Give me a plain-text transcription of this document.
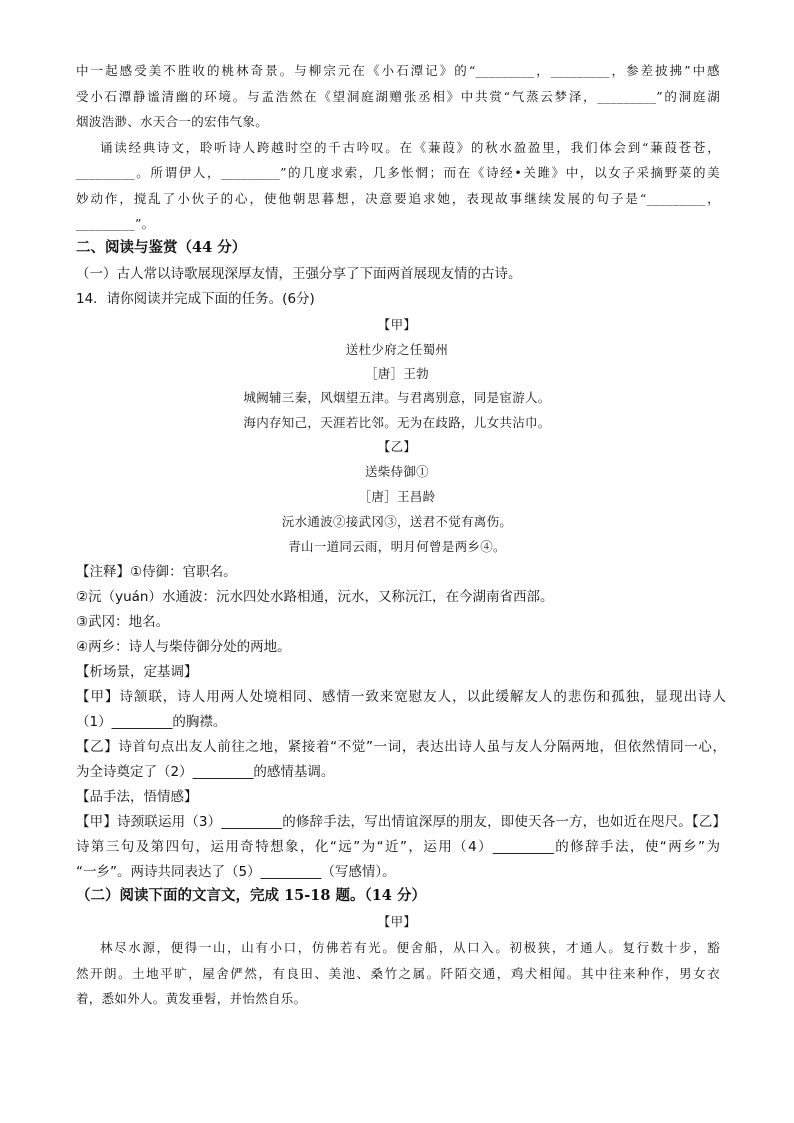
中一起感受美不胜收的桃林奇景。与柳宗元在《小石潭记》的“_________，_________，参差披拂”中感
受小石潭静谧清幽的环境。与孟浩然在《望洞庭湖赠张丞相》中共赏“气蒸云梦泽，_________”的洞庭湖
烟波浩渺、水天合一的宏伟气象。
诵读经典诗文，聆听诗人跨越时空的千古吟叹。在《蒹葭》的秋水盈盈里，我们体会到“蒹葭苍苍，
_________。所谓伊人，_________”的几度求索，几多怅惘；而在《诗经•关雎》中，以女子采摘野菜的美
妙动作，搅乱了小伙子的心，使他朝思暮想，决意要追求她，表现故事继续发展的句子是“_________，
_________”。
二、阅读与鉴赏（44 分）
（一）古人常以诗歌展现深厚友情，王强分享了下面两首展现友情的古诗。
14．请你阅读并完成下面的任务。(6分)
【甲】
送杜少府之任蜀州
［唐］王勃
城阙辅三秦，风烟望五津。与君离别意，同是宦游人。
海内存知己，天涯若比邻。无为在歧路，儿女共沾巾。
【乙】
送柴侍御①
［唐］王昌龄
沅水通波②接武冈③，送君不觉有离伤。
青山一道同云雨，明月何曾是两乡④。
【注释】①侍御：官职名。
②沅（yuán）水通波：沅水四处水路相通，沅水，又称沅江，在今湖南省西部。
③武冈：地名。
④两乡：诗人与柴侍御分处的两地。
【析场景，定基调】
【甲】诗颔联，诗人用两人处境相同、感情一致来宽慰友人，以此缓解友人的悲伤和孤独，显现出诗人
（1）_________的胸襟。
【乙】诗首句点出友人前往之地，紧接着“不觉”一词，表达出诗人虽与友人分隔两地，但依然情同一心，
为全诗奠定了（2）_________的感情基调。
【品手法，悟情感】
【甲】诗颈联运用（3）_________的修辞手法，写出情谊深厚的朋友，即使天各一方，也如近在咫尺。【乙】
诗第三句及第四句，运用奇特想象，化“远”为“近”，运用（4）_________的修辞手法，使“两乡”为
“一乡”。两诗共同表达了（5）_________（写感情）。
（二）阅读下面的文言文，完成 15-18 题。（14 分）
【甲】
林尽水源，便得一山，山有小口，仿佛若有光。便舍船，从口入。初极狭，才通人。复行数十步，豁
然开朗。土地平旷，屋舍俨然，有良田、美池、桑竹之属。阡陌交通，鸡犬相闻。其中往来种作，男女衣
着，悉如外人。黄发垂髫，并怡然自乐。
